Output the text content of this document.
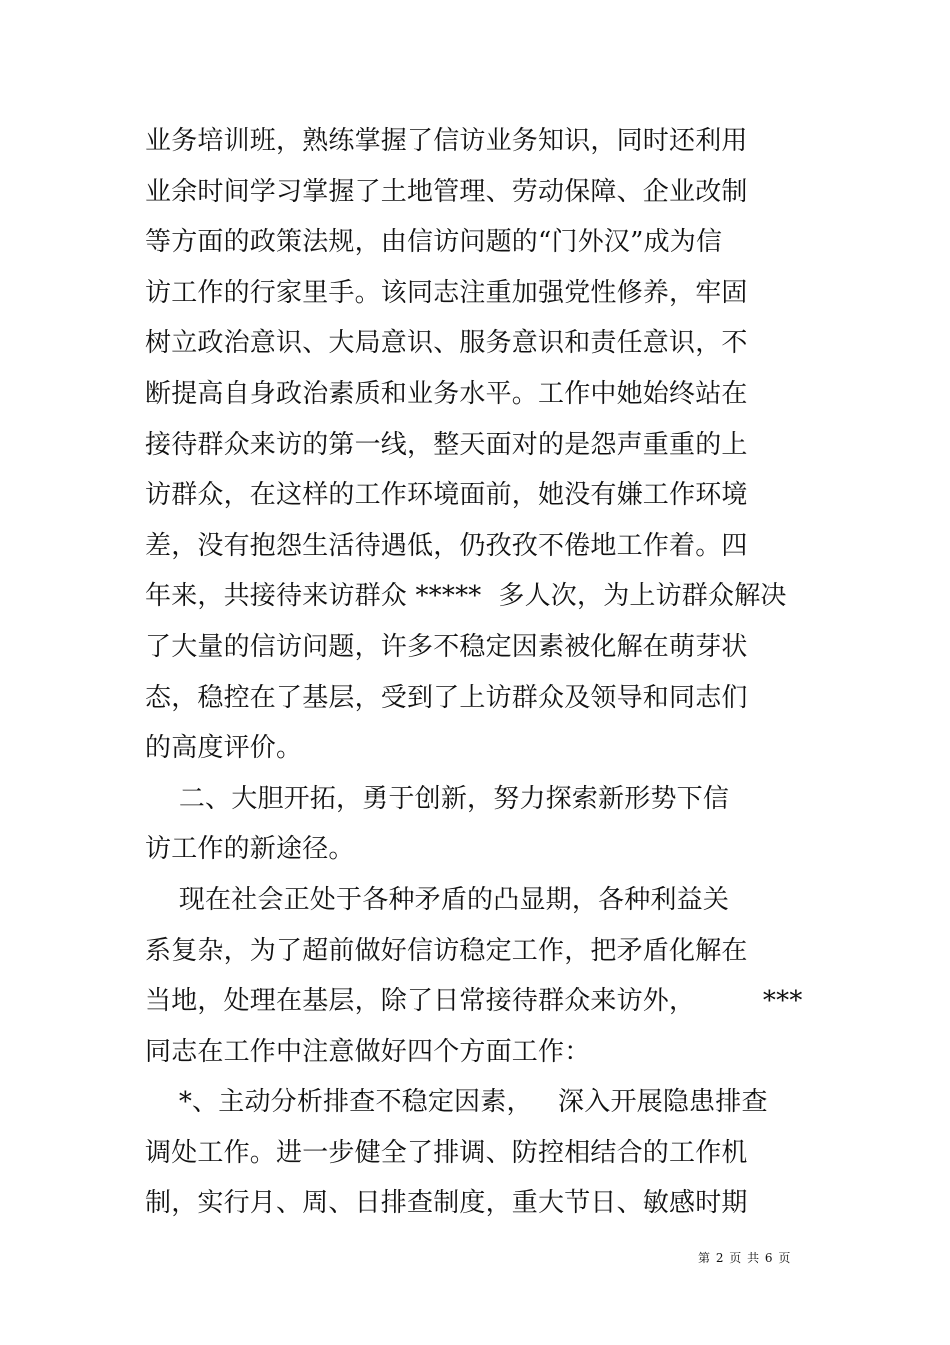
业务培训班，熟练掌握了信访业务知识，同时还利用
业余时间学习掌握了土地管理、劳动保障、企业改制
等方面的政策法规，由信访问题的“门外汉”成为信
访工作的行家里手。该同志注重加强党性修养，牢固
树立政治意识、大局意识、服务意识和责任意识，不
断提高自身政治素质和业务水平。工作中她始终站在
接待群众来访的第一线，整天面对的是怨声重重的上
访群众，在这样的工作环境面前，她没有嫌工作环境
差，没有抱怨生活待遇低，仍孜孜不倦地工作着。四
年来，共接待来访群众 *****  多人次，为上访群众解决
了大量的信访问题，许多不稳定因素被化解在萌芽状
态，稳控在了基层，受到了上访群众及领导和同志们
的高度评价。
二、大胆开拓，勇于创新，努力探索新形势下信
访工作的新途径。
现在社会正处于各种矛盾的凸显期，各种利益关
系复杂，为了超前做好信访稳定工作，把矛盾化解在
当地，处理在基层，除了日常接待群众来访外，        ***
同志在工作中注意做好四个方面工作：
*、主动分析排查不稳定因素，   深入开展隐患排查
调处工作。进一步健全了排调、防控相结合的工作机
制，实行月、周、日排查制度，重大节日、敏感时期
第 2 页 共 6 页
